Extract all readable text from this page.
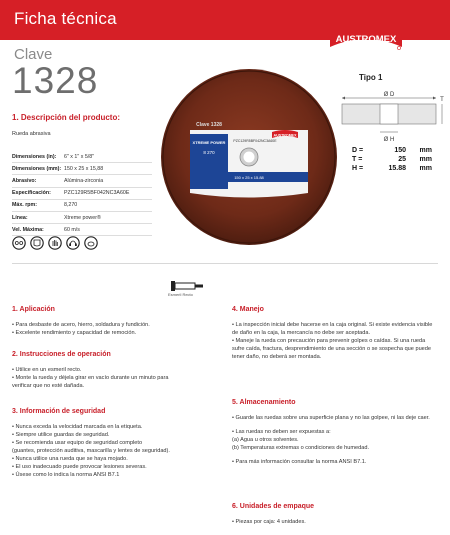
Ficha técnica
AUSTROMEX
Clave
1328
1. Descripción del producto:
Rueda abrasiva
Dimensiones (in):	6" x 1" x 5/8"
Dimensiones (mm):	150 x 25 x 15,88
Abrasivo:	Alúmina-zirconia
Especificación:	PZC129R5BF042NC3A60E
Máx. rpm:	8,270
Línea:	Xtreme power®
Vel. Máxima:	60 m/s
Clave 1328
XTREME POWER
8 270
PZC129R5BF042NC3A60E
150 x 25 x 15.88
AUSTROMEX
Tipo 1
Ø D
T
Ø H
D =	150 mm
T =	25 mm
H =	15.88 mm
Esmeril Recto
1. Aplicación
• Para desbaste de acero, hierro, soldadura y fundición.
• Excelente rendimiento y capacidad de remoción.
2. Instrucciones de operación
• Utilice en un esmeril recto.
• Monte la rueda y déjela girar en vacío durante un minuto para
verificar que no esté dañada.
3. Información de seguridad
• Nunca exceda la velocidad marcada en la etiqueta.
• Siempre utilice guardas de seguridad.
• Se recomienda usar equipo de seguridad completo
(guantes, protección auditiva, mascarilla y lentes de seguridad).
• Nunca utilice una rueda que se haya mojado.
• El uso inadecuado puede provocar lesiones severas.
• Úsese como lo indica la norma ANSI B7.1
4. Manejo

• La inspección inicial debe hacerse en la caja original. Si existe evidencia visible de daño en la caja, la mercancía no debe ser aceptada.

• Maneje la rueda con precaución para prevenir golpes o caídas. Si una rueda sufre caída, fractura, desprendimiento de una sección o se sospecha que puede tener daño, no deberá ser montada.

5. Almacenamiento

• Guarde las ruedas sobre una superficie plana y no las golpee, ni las deje caer.

• Las ruedas no deben ser expuestas a:

(a) Agua u otros solventes.

(b) Temperaturas extremas o condiciones de humedad.

• Para más información consultar la norma ANSI B7.1.

6. Unidades de empaque

• Piezas por caja: 4 unidades.
